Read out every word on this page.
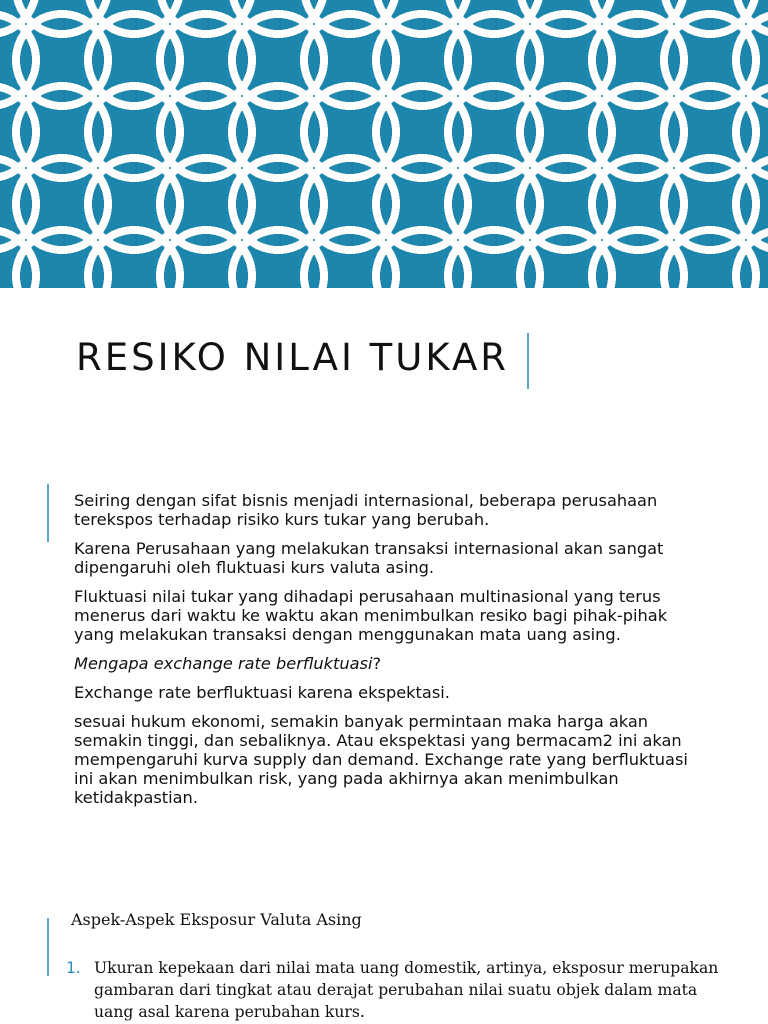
RESIKO NILAI TUKAR

Seiring dengan sifat bisnis menjadi internasional, beberapa perusahaan terekspos terhadap risiko kurs tukar yang berubah.

Karena Perusahaan yang melakukan transaksi internasional akan sangat dipengaruhi oleh fluktuasi kurs valuta asing.

Fluktuasi nilai tukar yang dihadapi perusahaan multinasional yang terus menerus dari waktu ke waktu akan menimbulkan resiko bagi pihak-pihak yang melakukan transaksi dengan menggunakan mata uang asing.

Mengapa exchange rate berfluktuasi?

Exchange rate berfluktuasi karena ekspektasi.

sesuai hukum ekonomi, semakin banyak permintaan maka harga akan semakin tinggi, dan sebaliknya. Atau ekspektasi yang bermacam2 ini akan mempengaruhi kurva supply dan demand. Exchange rate yang berfluktuasi ini akan menimbulkan risk, yang pada akhirnya akan menimbulkan ketidakpastian.

Aspek-Aspek Eksposur Valuta Asing
1. Ukuran kepekaan dari nilai mata uang domestik, artinya, eksposur merupakan gambaran dari tingkat atau derajat perubahan nilai suatu objek dalam mata uang asal karena perubahan kurs.
